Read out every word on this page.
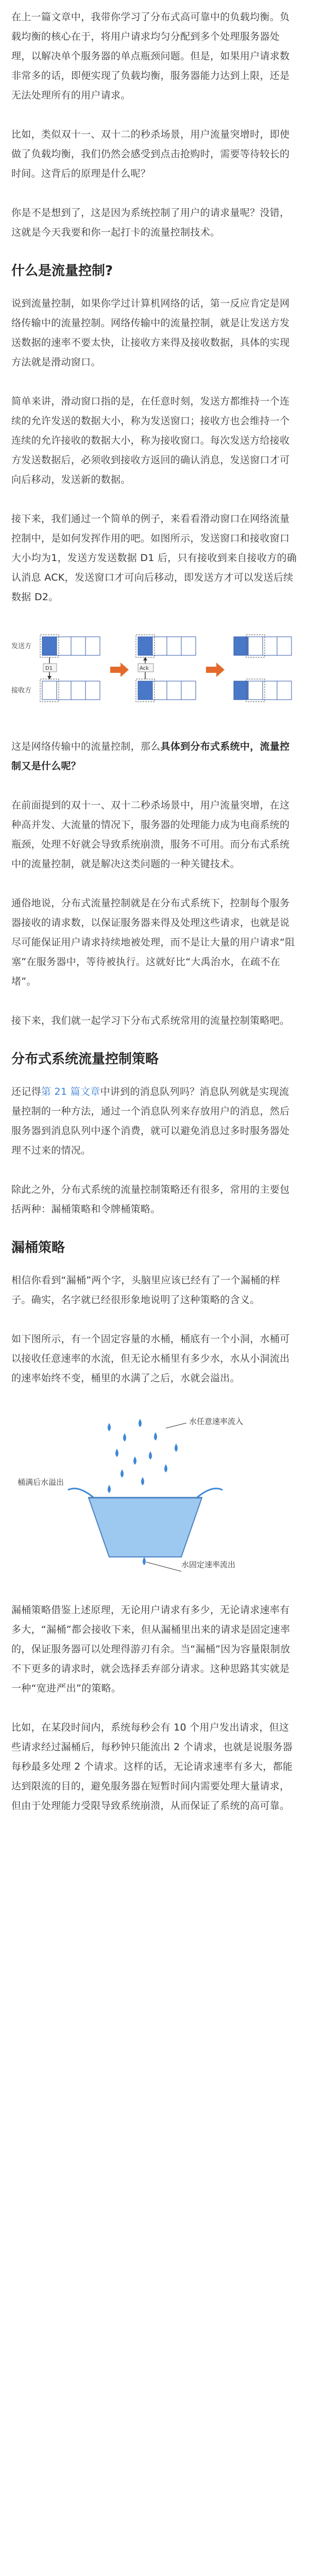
在上一篇文章中，我带你学习了分布式高可靠中的负载均衡。负载均衡的核心在于，将用户请求均匀分配到多个处理服务器处理，以解决单个服务器的单点瓶颈问题。但是，如果用户请求数非常多的话，即便实现了负载均衡，服务器能力达到上限，还是无法处理所有的用户请求。

比如，类似双十一、双十二的秒杀场景，用户流量突增时，即使做了负载均衡，我们仍然会感受到点击抢购时，需要等待较长的时间。这背后的原理是什么呢？

你是不是想到了，这是因为系统控制了用户的请求量呢？没错，这就是今天我要和你一起打卡的流量控制技术。

什么是流量控制?

说到流量控制，如果你学过计算机网络的话，第一反应肯定是网络传输中的流量控制。网络传输中的流量控制，就是让发送方发送数据的速率不要太快，让接收方来得及接收数据，具体的实现方法就是滑动窗口。

简单来讲，滑动窗口指的是，在任意时刻，发送方都维持一个连续的允许发送的数据大小，称为发送窗口；接收方也会维持一个连续的允许接收的数据大小，称为接收窗口。每次发送方给接收方发送数据后，必须收到接收方返回的确认消息，发送窗口才可向后移动，发送新的数据。

接下来，我们通过一个简单的例子，来看看滑动窗口在网络流量控制中，是如何发挥作用的吧。如图所示，发送窗口和接收窗口大小均为1，发送方发送数据 D1 后，只有接收到来自接收方的确认消息 ACK，发送窗口才可向后移动，即发送方才可以发送后续数据 D2。

发送方
接收方
D1	Ack

这是网络传输中的流量控制，那么具体到分布式系统中，流量控制又是什么呢？

在前面提到的双十一、双十二秒杀场景中，用户流量突增，在这种高并发、大流量的情况下，服务器的处理能力成为电商系统的瓶颈，处理不好就会导致系统崩溃，服务不可用。而分布式系统中的流量控制，就是解决这类问题的一种关键技术。

通俗地说，分布式流量控制就是在分布式系统下，控制每个服务器接收的请求数，以保证服务器来得及处理这些请求，也就是说尽可能保证用户请求持续地被处理，而不是让大量的用户请求“阻塞”在服务器中，等待被执行。这就好比“大禹治水，在疏不在堵”。

接下来，我们就一起学习下分布式系统常用的流量控制策略吧。

分布式系统流量控制策略

还记得第 21 篇文章中讲到的消息队列吗？消息队列就是实现流量控制的一种方法，通过一个消息队列来存放用户的消息，然后服务器到消息队列中逐个消费，就可以避免消息过多时服务器处理不过来的情况。

除此之外，分布式系统的流量控制策略还有很多，常用的主要包括两种：漏桶策略和令牌桶策略。

漏桶策略

相信你看到“漏桶”两个字，头脑里应该已经有了一个漏桶的样子。确实，名字就已经很形象地说明了这种策略的含义。

如下图所示，有一个固定容量的水桶，桶底有一个小洞，水桶可以接收任意速率的水流，但无论水桶里有多少水，水从小洞流出的速率始终不变，桶里的水满了之后，水就会溢出。

水任意速率流入
桶满后水溢出
水固定速率流出

漏桶策略借鉴上述原理，无论用户请求有多少，无论请求速率有多大，“漏桶”都会接收下来，但从漏桶里出来的请求是固定速率的，保证服务器可以处理得游刃有余。当“漏桶”因为容量限制放不下更多的请求时，就会选择丢弃部分请求。这种思路其实就是一种“宽进严出”的策略。

比如，在某段时间内，系统每秒会有 10 个用户发出请求，但这些请求经过漏桶后，每秒钟只能流出 2 个请求，也就是说服务器每秒最多处理 2 个请求。这样的话，无论请求速率有多大，都能达到限流的目的，避免服务器在短暂时间内需要处理大量请求，但由于处理能力受限导致系统崩溃，从而保证了系统的高可靠。
